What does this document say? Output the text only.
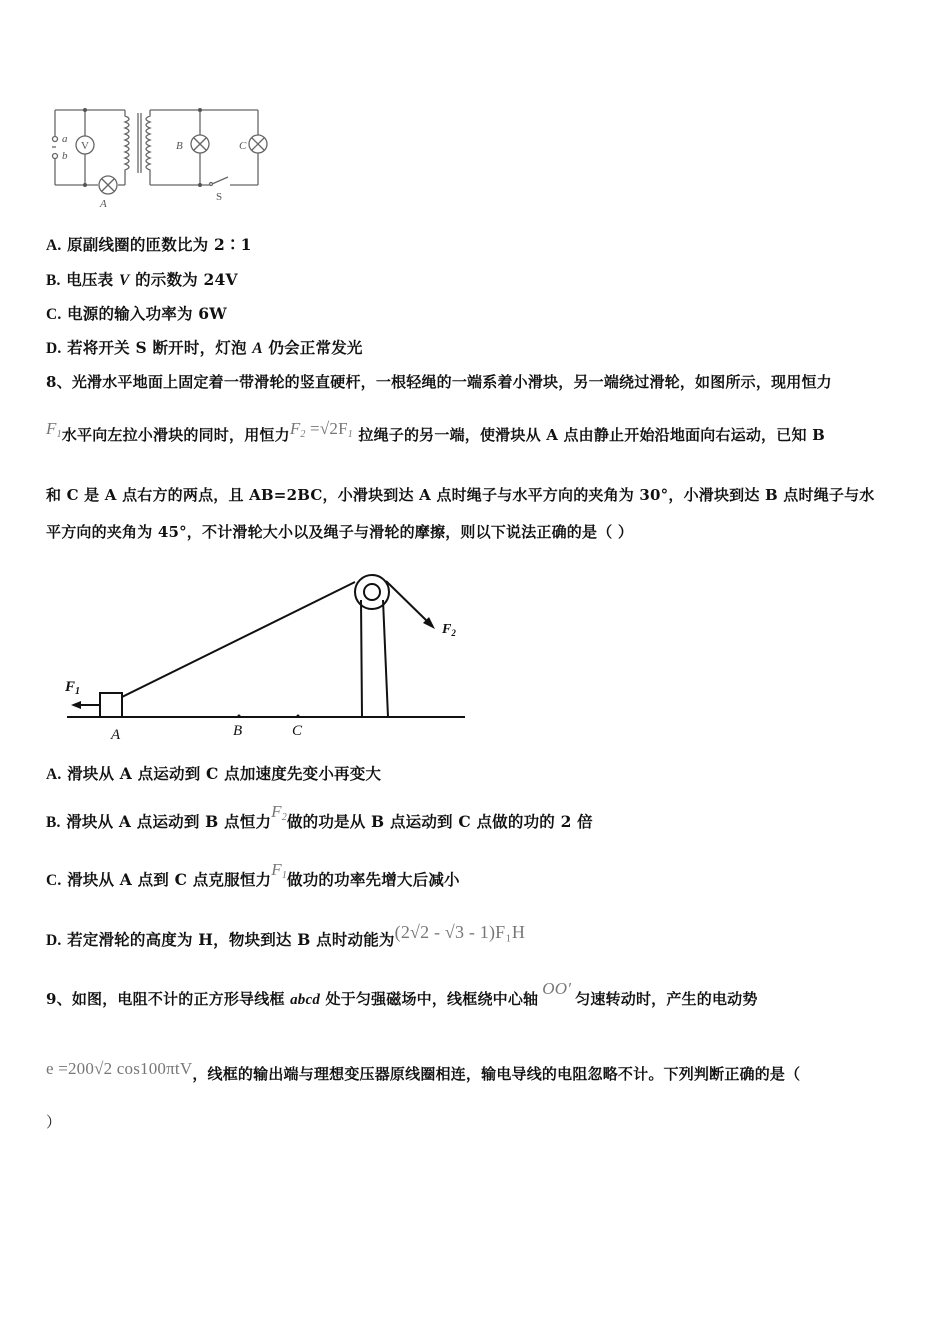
a
b
V
A
B	C
S
A. 原副线圈的匝数比为 2∶1
B. 电压表 V 的示数为 24V
C. 电源的输入功率为 6W
D. 若将开关 S 断开时，灯泡 A 仍会正常发光
8、光滑水平地面上固定着一带滑轮的竖直硬杆，一根轻绳的一端系着小滑块，另一端绕过滑轮，如图所示，现用恒力
$F_1$水平向左拉小滑块的同时，用恒力$F_2 =√2F_1$ 拉绳子的另一端，使滑块从 A 点由静止开始沿地面向右运动，已知 B
和 C 是 A 点右方的两点，且 AB=2BC，小滑块到达 A 点时绳子与水平方向的夹角为 30°，小滑块到达 B 点时绳子与水
平方向的夹角为 45°，不计滑轮大小以及绳子与滑轮的摩擦，则以下说法正确的是（ ）
$F_1$
$F_2$
A	B	C
A. 滑块从 A 点运动到 C 点加速度先变小再变大
B. 滑块从 A 点运动到 B 点恒力$F_2$做的功是从 B 点运动到 C 点做的功的 2 倍
C. 滑块从 A 点到 C 点克服恒力$F_1$做功的功率先增大后减小
D. 若定滑轮的高度为 H，物块到达 B 点时动能为(2√2 - √3 - 1)F₁H
9、如图，电阻不计的正方形导线框 abcd 处于匀强磁场中，线框绕中心轴OO′匀速转动时，产生的电动势
e =200√2 cos100πtV，线框的输出端与理想变压器原线圈相连，输电导线的电阻忽略不计。下列判断正确的是（
）
